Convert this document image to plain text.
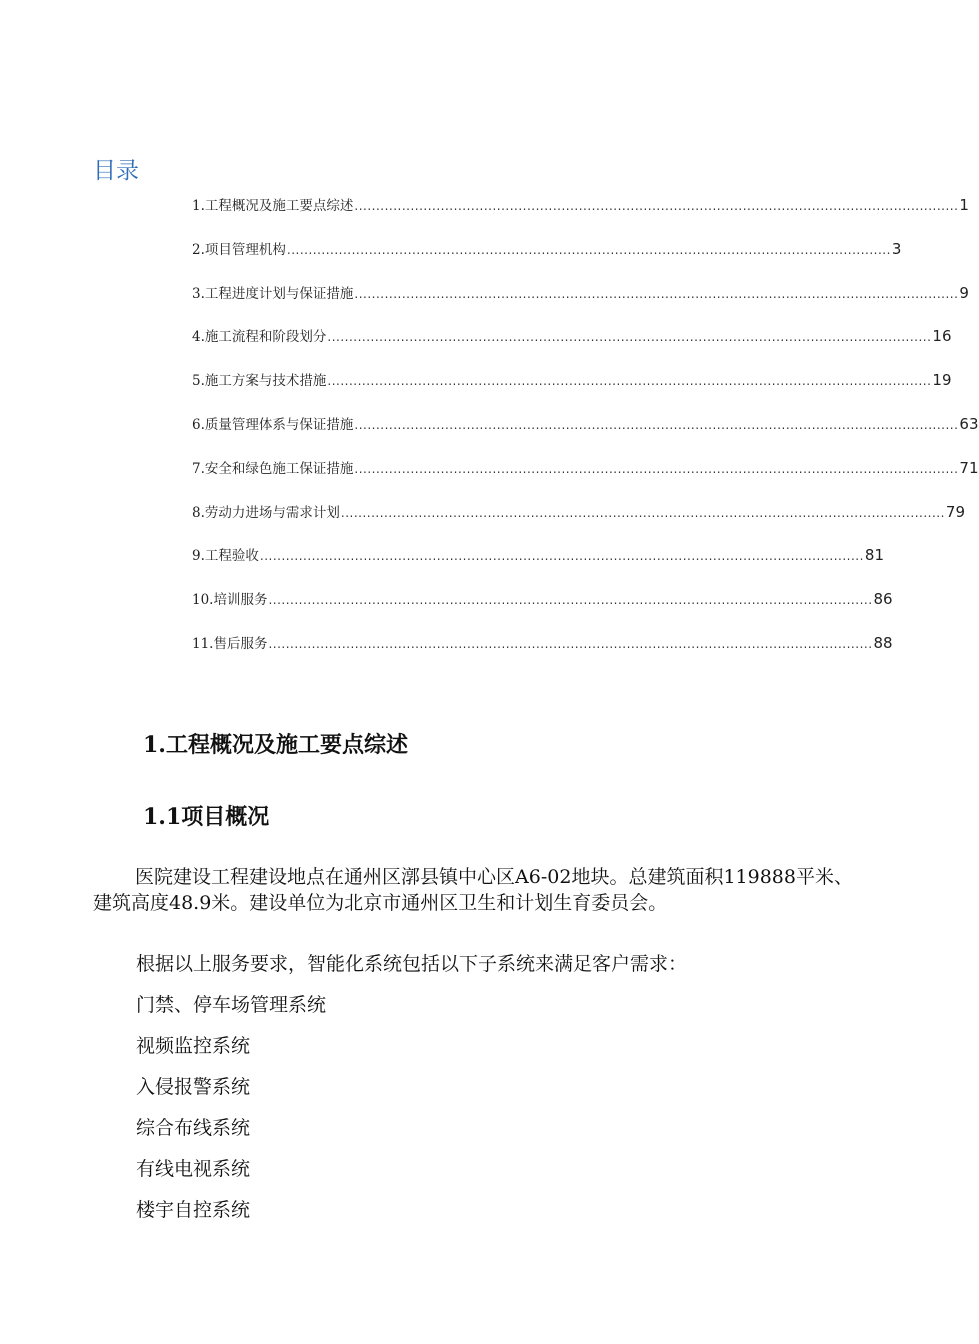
目录
1.工程概况及施工要点综述 ............................................................................................................................................ 1
2.项目管理机构 ............................................................................................................................................ 3
3.工程进度计划与保证措施 ............................................................................................................................................ 9
4.施工流程和阶段划分 ............................................................................................................................................ 16
5.施工方案与技术措施 ............................................................................................................................................ 19
6.质量管理体系与保证措施 ............................................................................................................................................ 63
7.安全和绿色施工保证措施 ............................................................................................................................................ 71
8.劳动力进场与需求计划 ............................................................................................................................................ 79
9.工程验收 ............................................................................................................................................ 81
10.培训服务 ............................................................................................................................................ 86
11.售后服务 ............................................................................................................................................ 88
1.工程概况及施工要点综述
1.1项目概况

医院建设工程建设地点在通州区漷县镇中心区A6-02地块。总建筑面积119888平米、建筑高度48.9米。建设单位为北京市通州区卫生和计划生育委员会。

根据以上服务要求，智能化系统包括以下子系统来满足客户需求：
门禁、停车场管理系统
视频监控系统
入侵报警系统
综合布线系统
有线电视系统
楼宇自控系统
